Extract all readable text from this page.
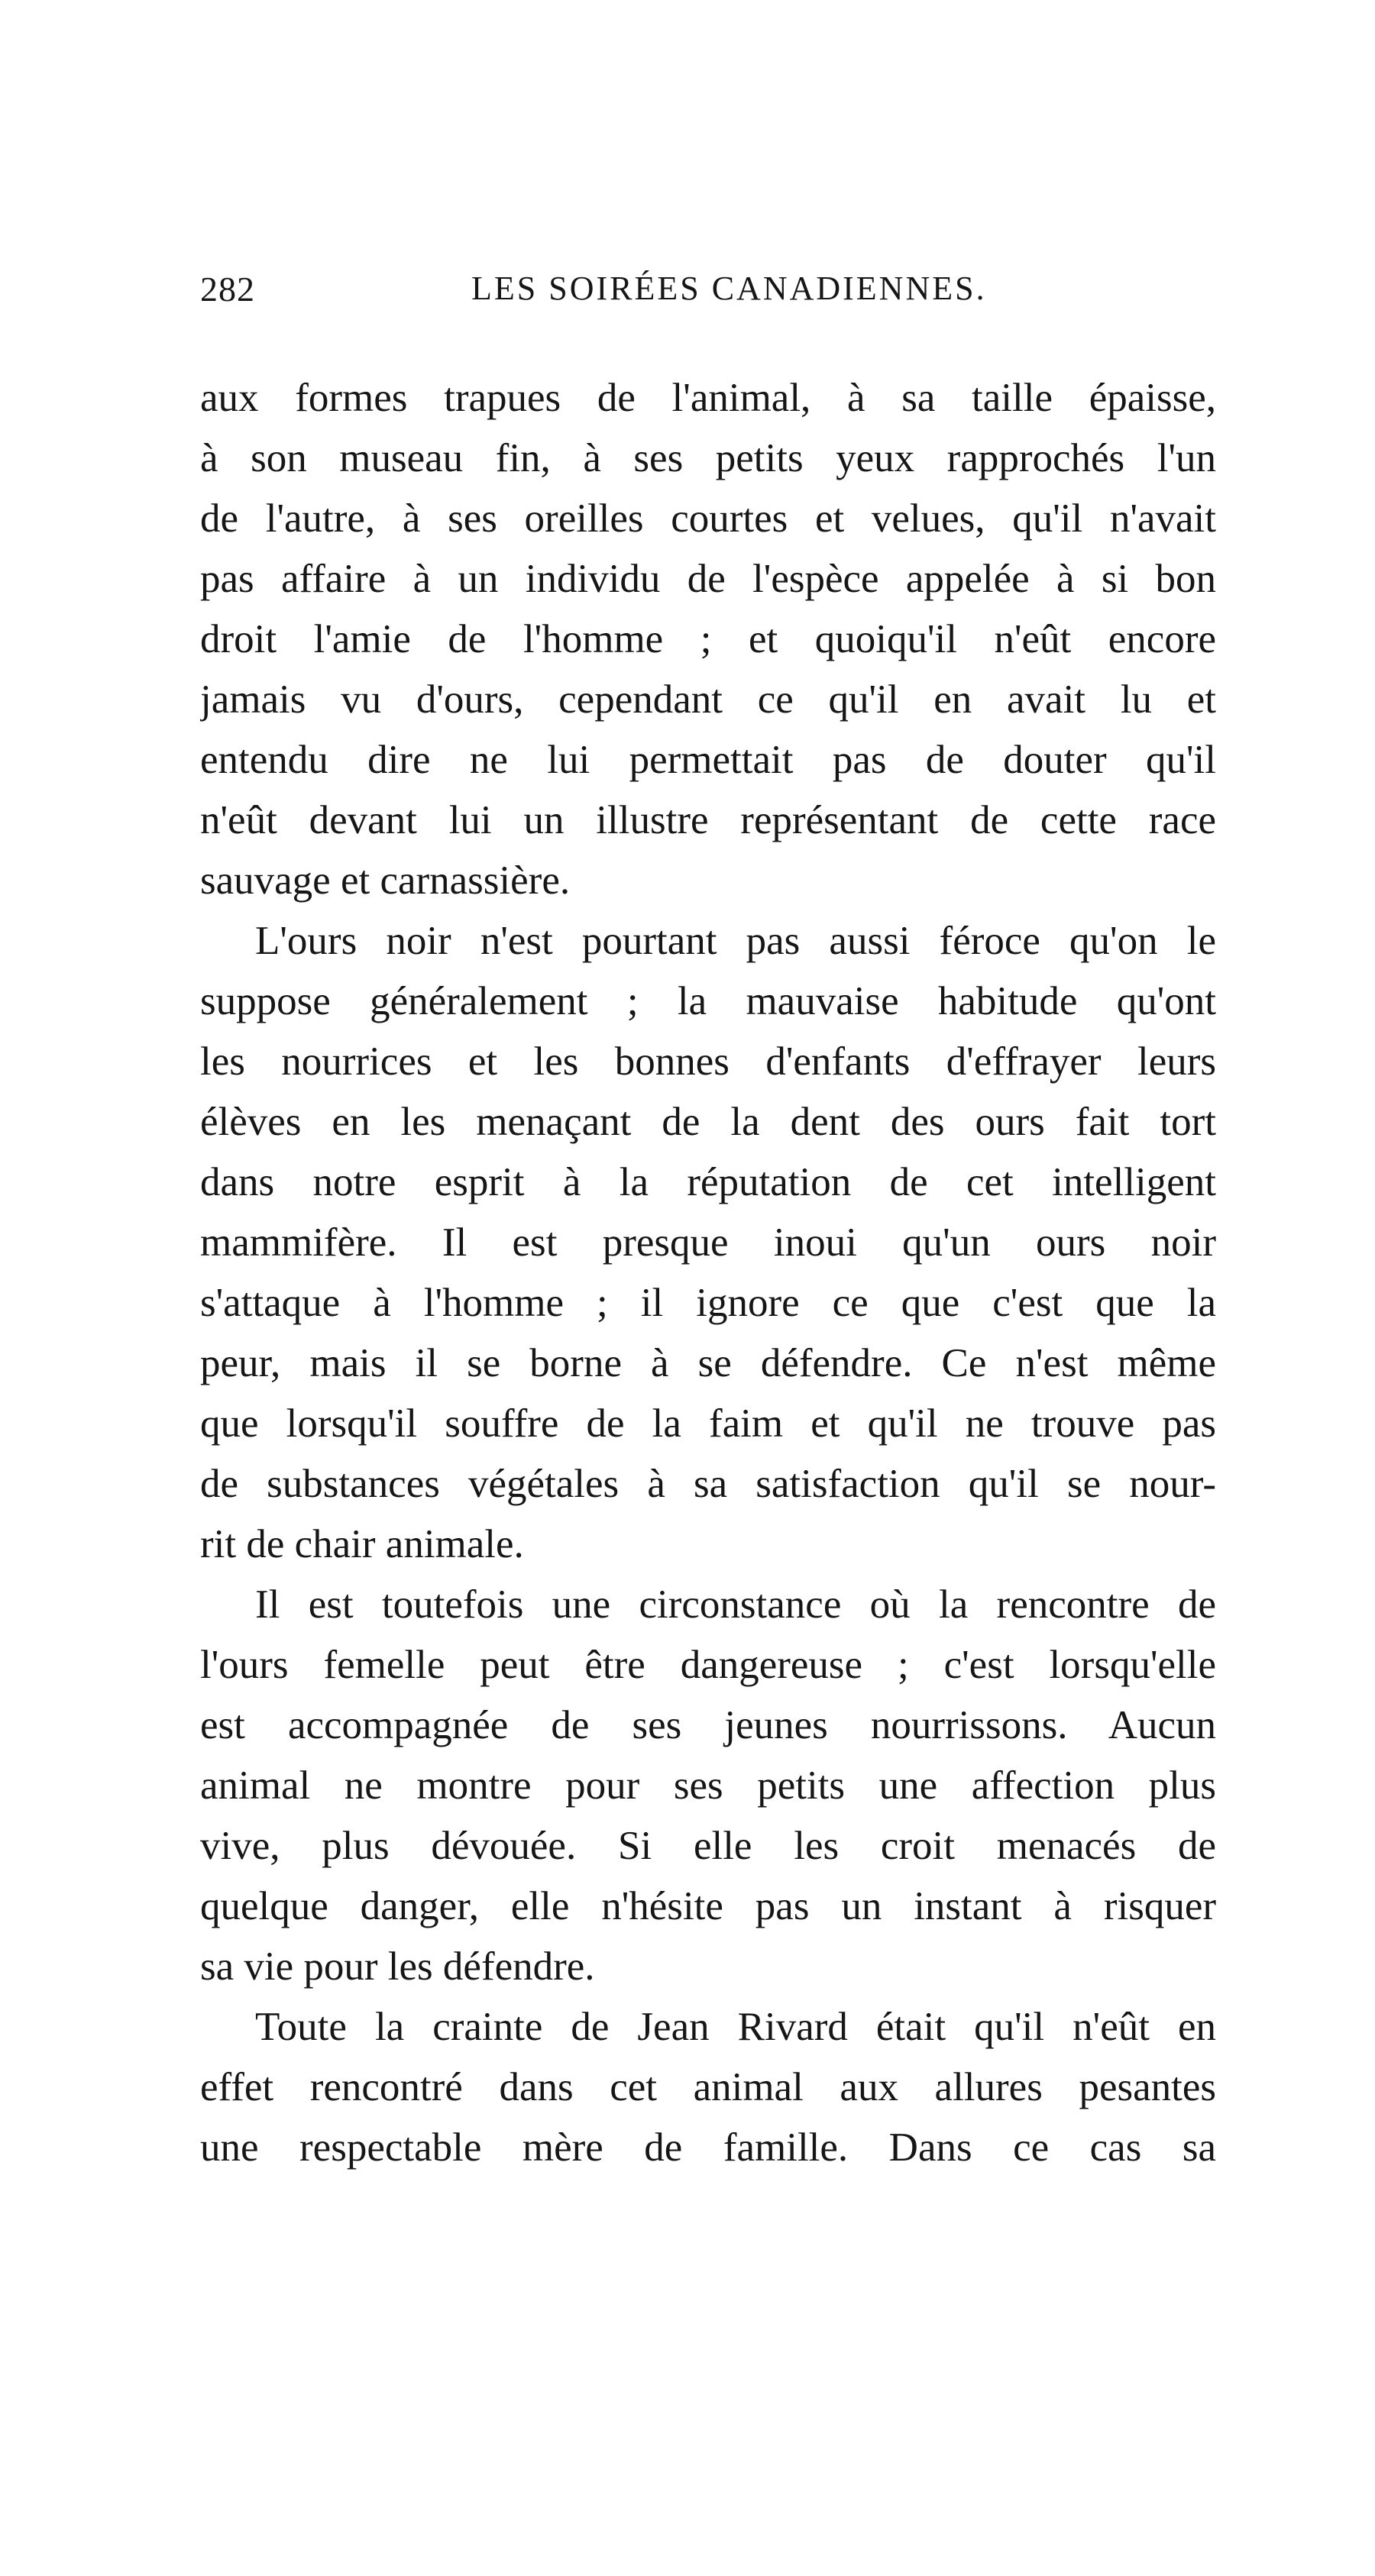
282	LES SOIRÉES CANADIENNES.
aux formes trapues de l'animal, à sa taille épaisse,
à son museau fin, à ses petits yeux rapprochés l'un
de l'autre, à ses oreilles courtes et velues, qu'il n'avait
pas affaire à un individu de l'espèce appelée à si bon
droit l'amie de l'homme ; et quoiqu'il n'eût encore
jamais vu d'ours, cependant ce qu'il en avait lu et
entendu dire ne lui permettait pas de douter qu'il
n'eût devant lui un illustre représentant de cette race
sauvage et carnassière.
L'ours noir n'est pourtant pas aussi féroce qu'on le
suppose généralement ; la mauvaise habitude qu'ont
les nourrices et les bonnes d'enfants d'effrayer leurs
élèves en les menaçant de la dent des ours fait tort
dans notre esprit à la réputation de cet intelligent
mammifère. Il est presque inoui qu'un ours noir
s'attaque à l'homme ; il ignore ce que c'est que la
peur, mais il se borne à se défendre. Ce n'est même
que lorsqu'il souffre de la faim et qu'il ne trouve pas
de substances végétales à sa satisfaction qu'il se nour-
rit de chair animale.
Il est toutefois une circonstance où la rencontre de
l'ours femelle peut être dangereuse ; c'est lorsqu'elle
est accompagnée de ses jeunes nourrissons. Aucun
animal ne montre pour ses petits une affection plus
vive, plus dévouée. Si elle les croit menacés de
quelque danger, elle n'hésite pas un instant à risquer
sa vie pour les défendre.
Toute la crainte de Jean Rivard était qu'il n'eût en
effet rencontré dans cet animal aux allures pesantes
une respectable mère de famille. Dans ce cas sa
